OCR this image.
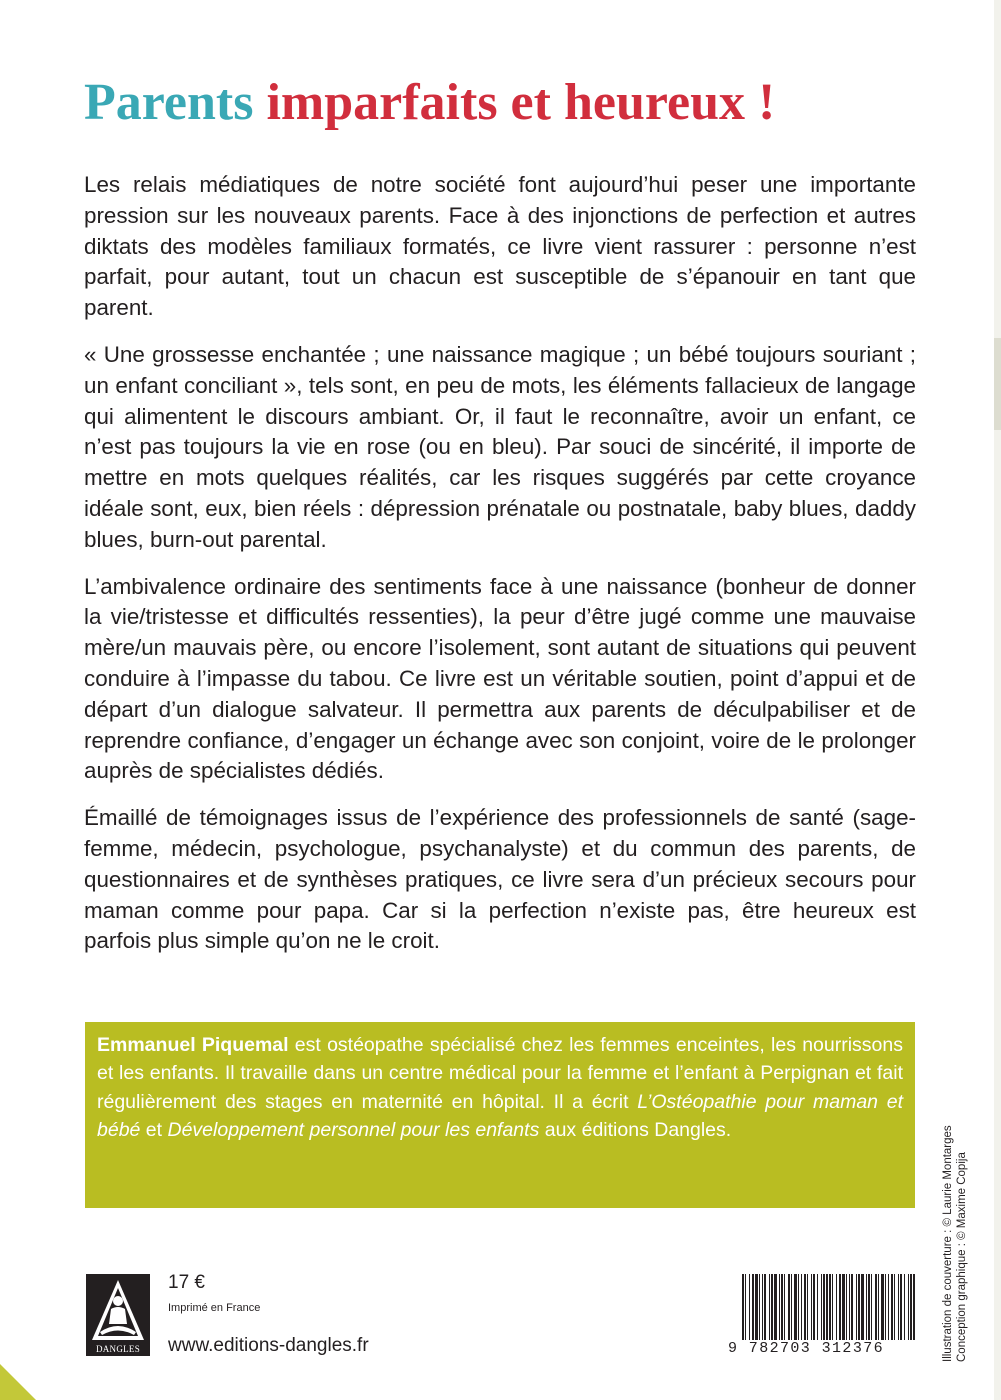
Parents imparfaits et heureux !

Les relais médiatiques de notre société font aujourd’hui peser une importante pression sur les nouveaux parents. Face à des injonctions de perfection et autres diktats des modèles familiaux formatés, ce livre vient rassurer : personne n’est parfait, pour autant, tout un chacun est susceptible de s’épanouir en tant que parent.

« Une grossesse enchantée ; une naissance magique ; un bébé toujours souriant ; un enfant conciliant », tels sont, en peu de mots, les éléments fallacieux de langage qui alimentent le discours ambiant. Or, il faut le reconnaître, avoir un enfant, ce n’est pas toujours la vie en rose (ou en bleu). Par souci de sincérité, il importe de mettre en mots quelques réalités, car les risques suggérés par cette croyance idéale sont, eux, bien réels : dépression prénatale ou postnatale, baby blues, daddy blues, burn-out parental.

L’ambivalence ordinaire des sentiments face à une naissance (bonheur de donner la vie/tristesse et difficultés ressenties), la peur d’être jugé comme une mauvaise mère/un mauvais père, ou encore l’isolement, sont autant de situations qui peuvent conduire à l’impasse du tabou. Ce livre est un véritable soutien, point d’appui et de départ d’un dialogue salvateur. Il permettra aux parents de déculpabiliser et de reprendre confiance, d’engager un échange avec son conjoint, voire de le prolonger auprès de spécialistes dédiés.

Émaillé de témoignages issus de l’expérience des professionnels de santé (sage-femme, médecin, psychologue, psychanalyste) et du commun des parents, de questionnaires et de synthèses pratiques, ce livre sera d’un précieux secours pour maman comme pour papa. Car si la perfection n’existe pas, être heureux est parfois plus simple qu’on ne le croit.

Emmanuel Piquemal est ostéopathe spécialisé chez les femmes enceintes, les nourrissons et les enfants. Il travaille dans un centre médical pour la femme et l’enfant à Perpignan et fait régulièrement des stages en maternité en hôpital. Il a écrit L’Ostéopathie pour maman et bébé et Développement personnel pour les enfants aux éditions Dangles.

DANGLES
17 €
Imprimé en France
www.editions-dangles.fr	9 782703 312376	Illustration de couverture : © Laurie Montarges Conception graphique : © Maxime Copija
